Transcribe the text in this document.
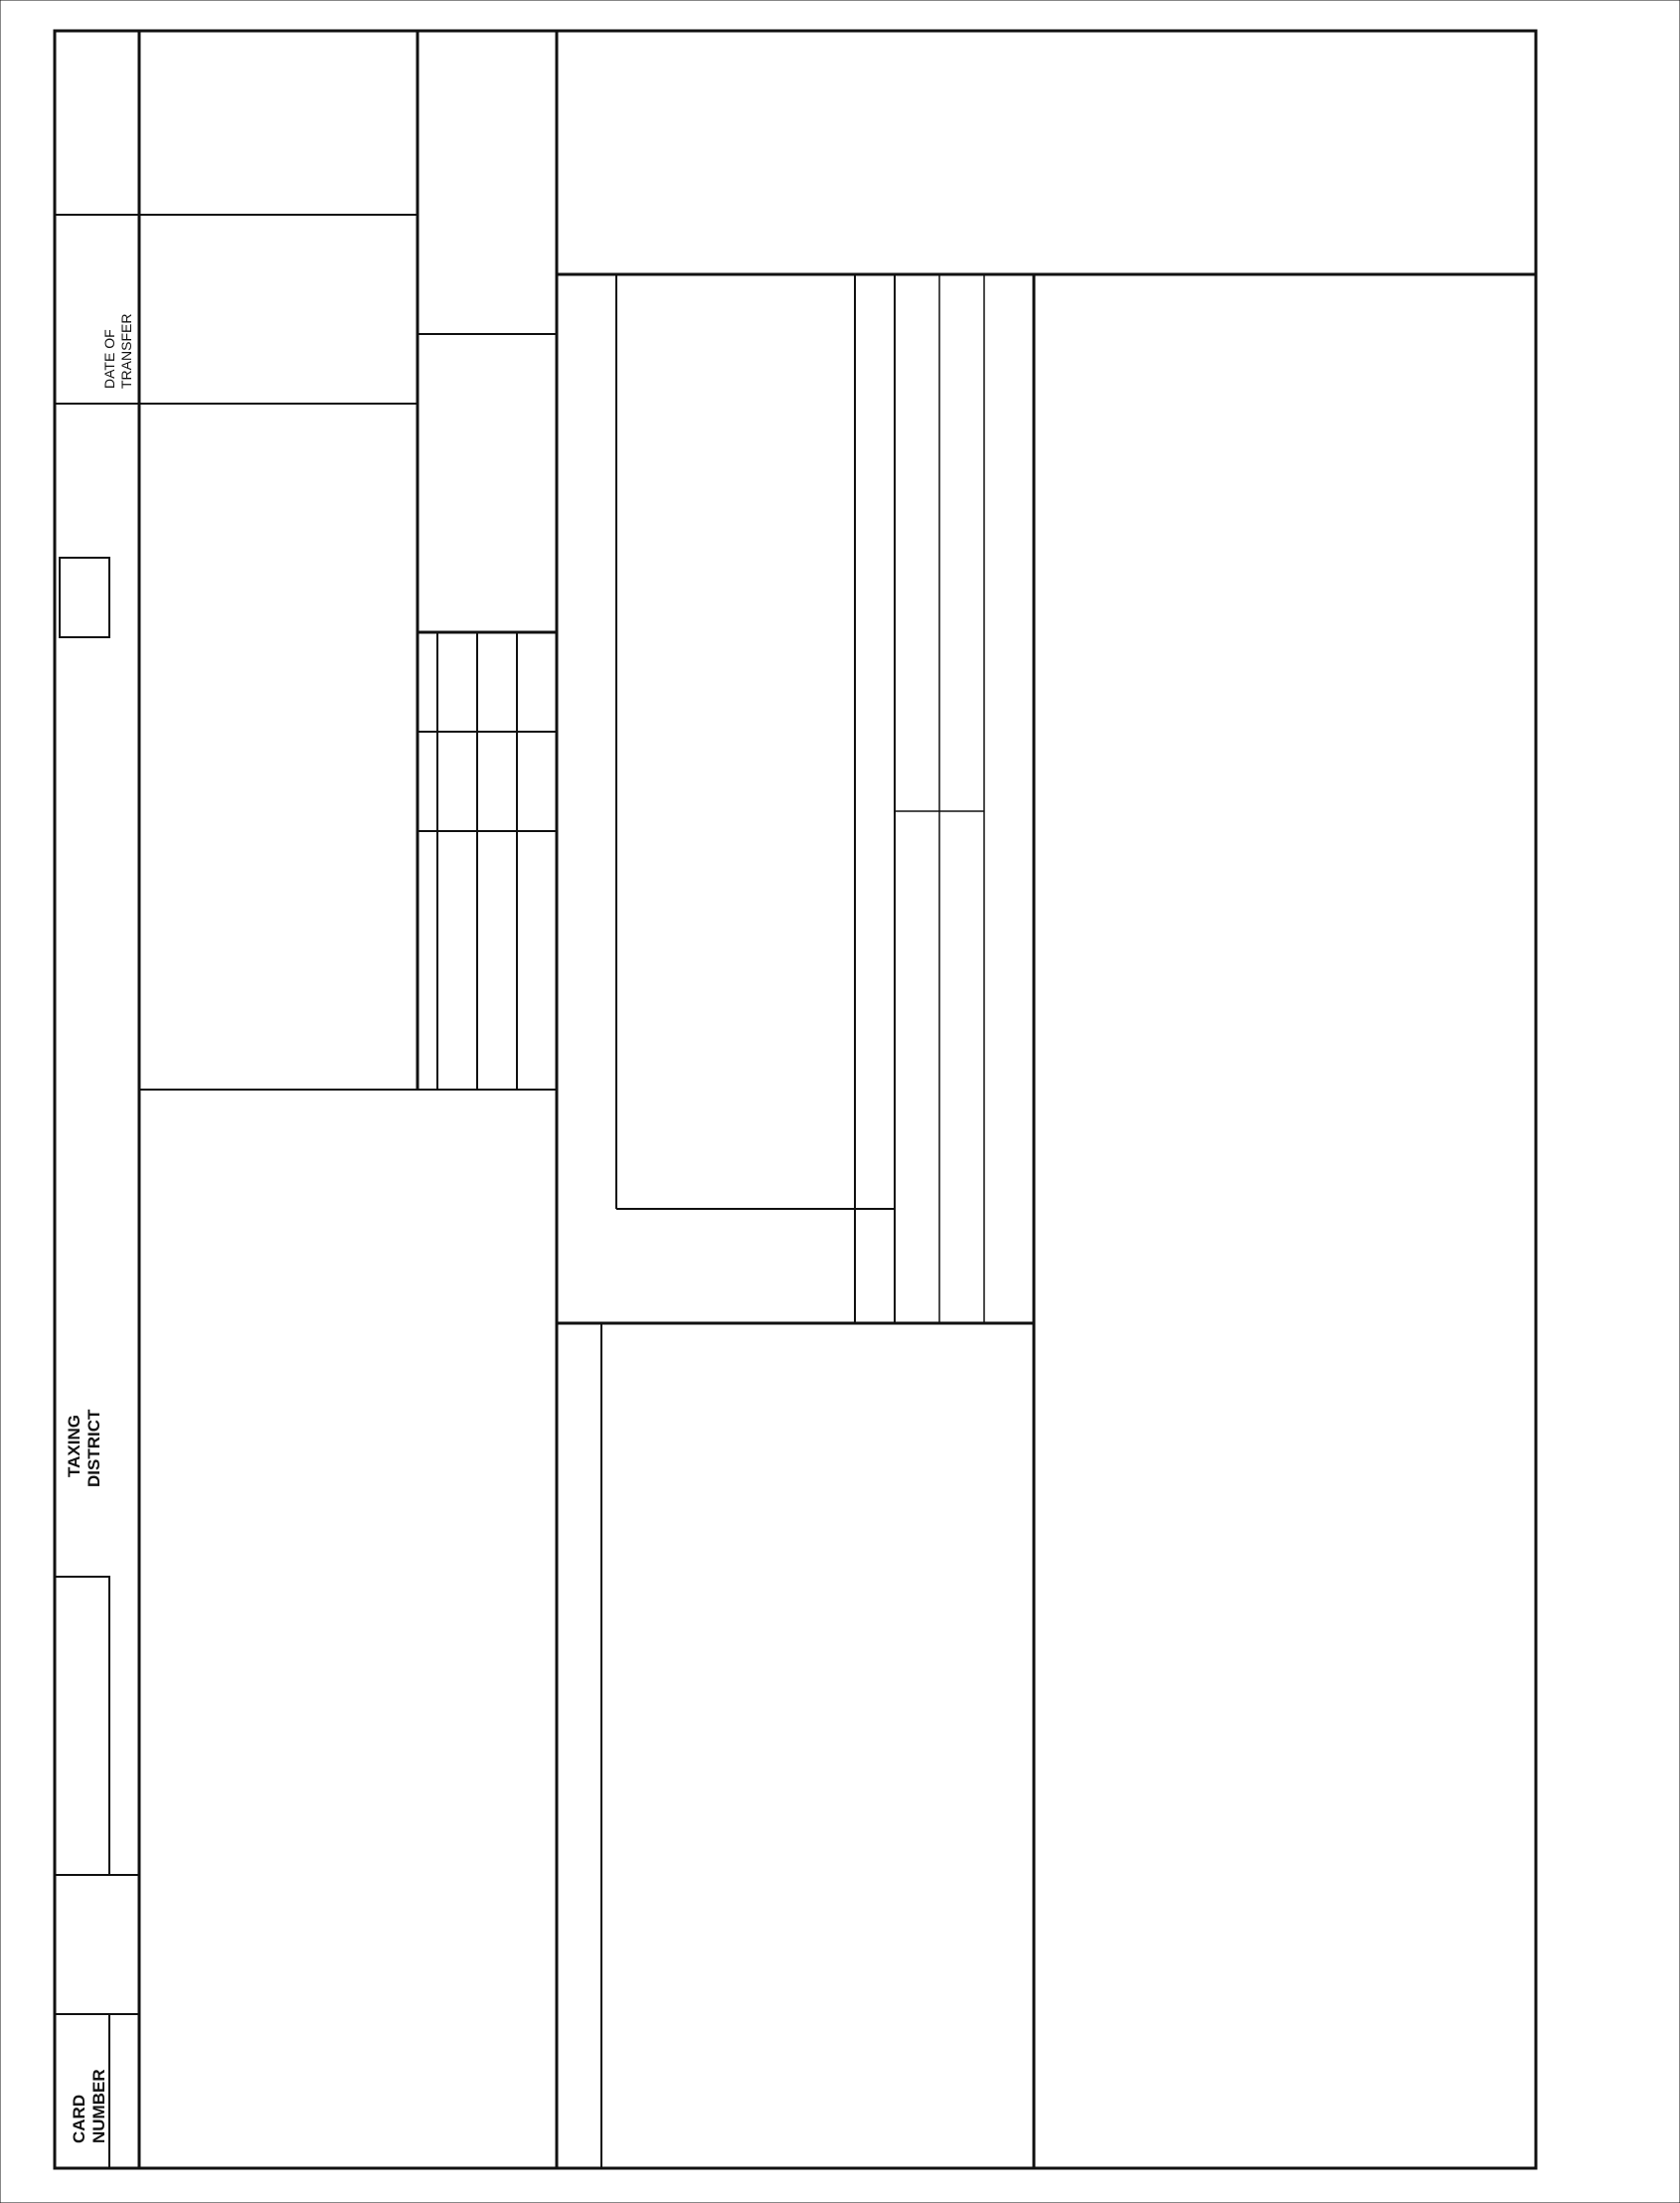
CARD NUMBER
TAXING DISTRICT
DATE OF TRANSFER
